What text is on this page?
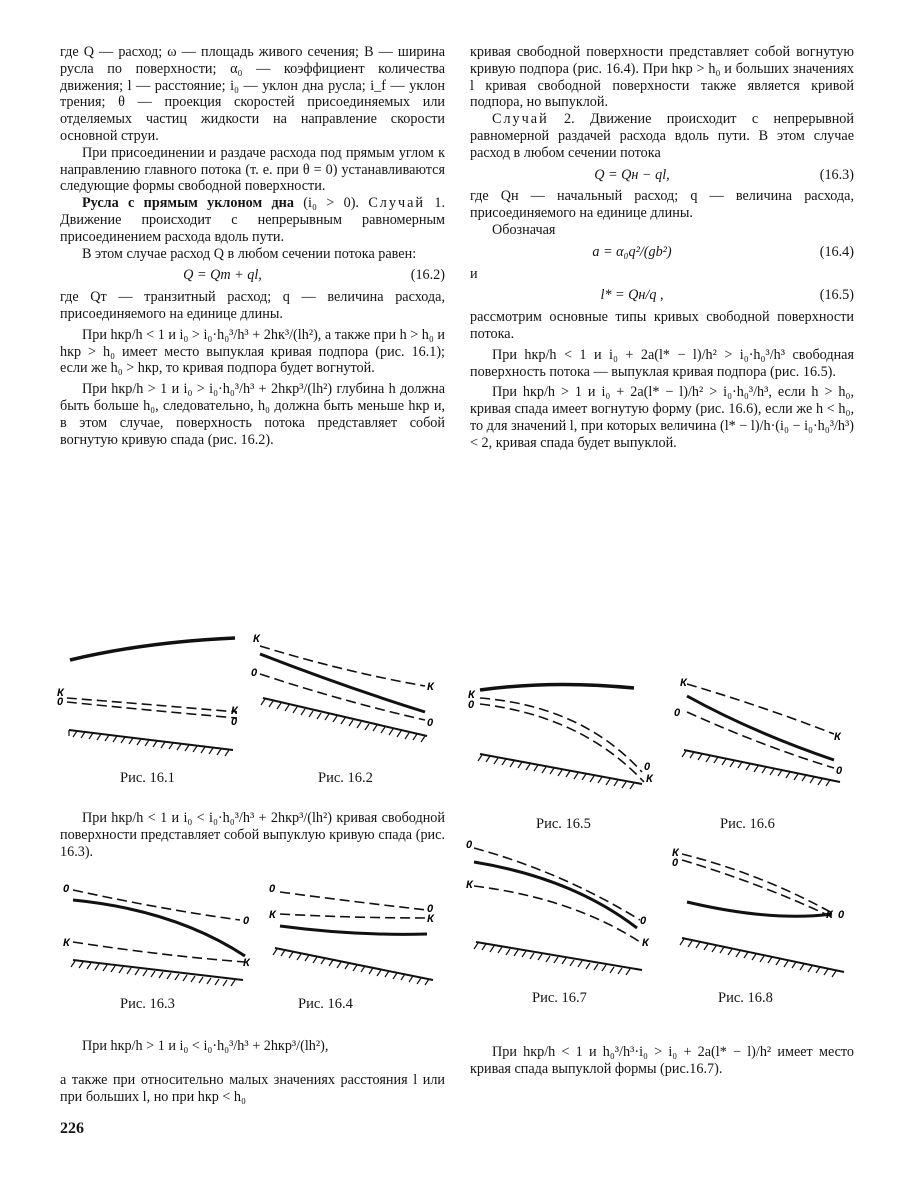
где Q — расход; ω — площадь живого сечения; B — ширина русла по поверхности; α₀ — коэффициент количества движения; l — расстояние; i₀ — уклон дна русла; i_f — уклон трения; θ — проекция скоростей присоединяемых или отделяемых частиц жидкости на направление скорости основной струи.

При присоединении и раздаче расхода под прямым углом к направлению главного потока (т. е. при θ = 0) устанавливаются следующие формы свободной поверхности.

Русла с прямым уклоном дна (i₀ > 0). Случай 1. Движение происходит с непрерывным равномерным присоединением расхода вдоль пути.

В этом случае расход Q в любом сечении потока равен:

Q = Qт + ql,	(16.2)

где Qт — транзитный расход; q — величина расхода, присоединяемого на единице длины.

При hкр/h < 1 и i₀ > i₀·h₀³/h³ + 2hк³/(lh²), а также при h > h₀ и hкр > h₀ имеет место выпуклая кривая подпора (рис. 16.1); если же h₀ > hкр, то кривая подпора будет вогнутой.

При hкр/h > 1 и i₀ > i₀·h₀³/h³ + 2hкр³/(lh²) глубина h должна быть больше h₀, следовательно, h₀ должна быть меньше hкр и, в этом случае, поверхность потока представляет собой вогнутую кривую спада (рис. 16.2).

К
0
К
0
К
0
К
0
Рис. 16.1	Рис. 16.2

При hкр/h < 1 и i₀ < i₀·h₀³/h³ + 2hкр³/(lh²) кривая свободной поверхности представляет собой выпуклую кривую спада (рис. 16.3).

0
К
0
К
0
К	0
К
Рис. 16.3	Рис. 16.4

При hкр/h > 1 и i₀ < i₀·h₀³/h³ + 2hкр³/(lh²),

а также при относительно малых значениях расстояния l или при больших l, но при hкр < h₀

226

кривая свободной поверхности представляет собой вогнутую кривую подпора (рис. 16.4). При hкр > h₀ и больших значениях l кривая свободной поверхности также является кривой подпора, но выпуклой.

Случай 2. Движение происходит с непрерывной равномерной раздачей расхода вдоль пути. В этом случае расход в любом сечении потока

Q = Qн − ql,	(16.3)

где Qн — начальный расход; q — величина расхода, присоединяемого на единице длины.

Обозначая

a = α₀q²/(gb²)	(16.4)

и

l* = Qн/q ,	(16.5)

рассмотрим основные типы кривых свободной поверхности потока.

При hкр/h < 1 и i₀ + 2a(l* − l)/h² > i₀·h₀³/h³ свободная поверхность потока — выпуклая кривая подпора (рис. 16.5).

При hкр/h > 1 и i₀ + 2a(l* − l)/h² > i₀·h₀³/h³, если h > h₀, кривая спада имеет вогнутую форму (рис. 16.6), если же h < h₀, то для значений l, при которых величина (l* − l)/h·(i₀ − i₀·h₀³/h³) < 2, кривая спада будет выпуклой.

К
0
0
К
К
0
К
0
Рис. 16.5	Рис. 16.6
0
К
0
К
К
0
К 0
Рис. 16.7	Рис. 16.8

При hкр/h < 1 и h₀³/h³·i₀ > i₀ + 2a(l* − l)/h² имеет место кривая спада выпуклой формы (рис.16.7).
